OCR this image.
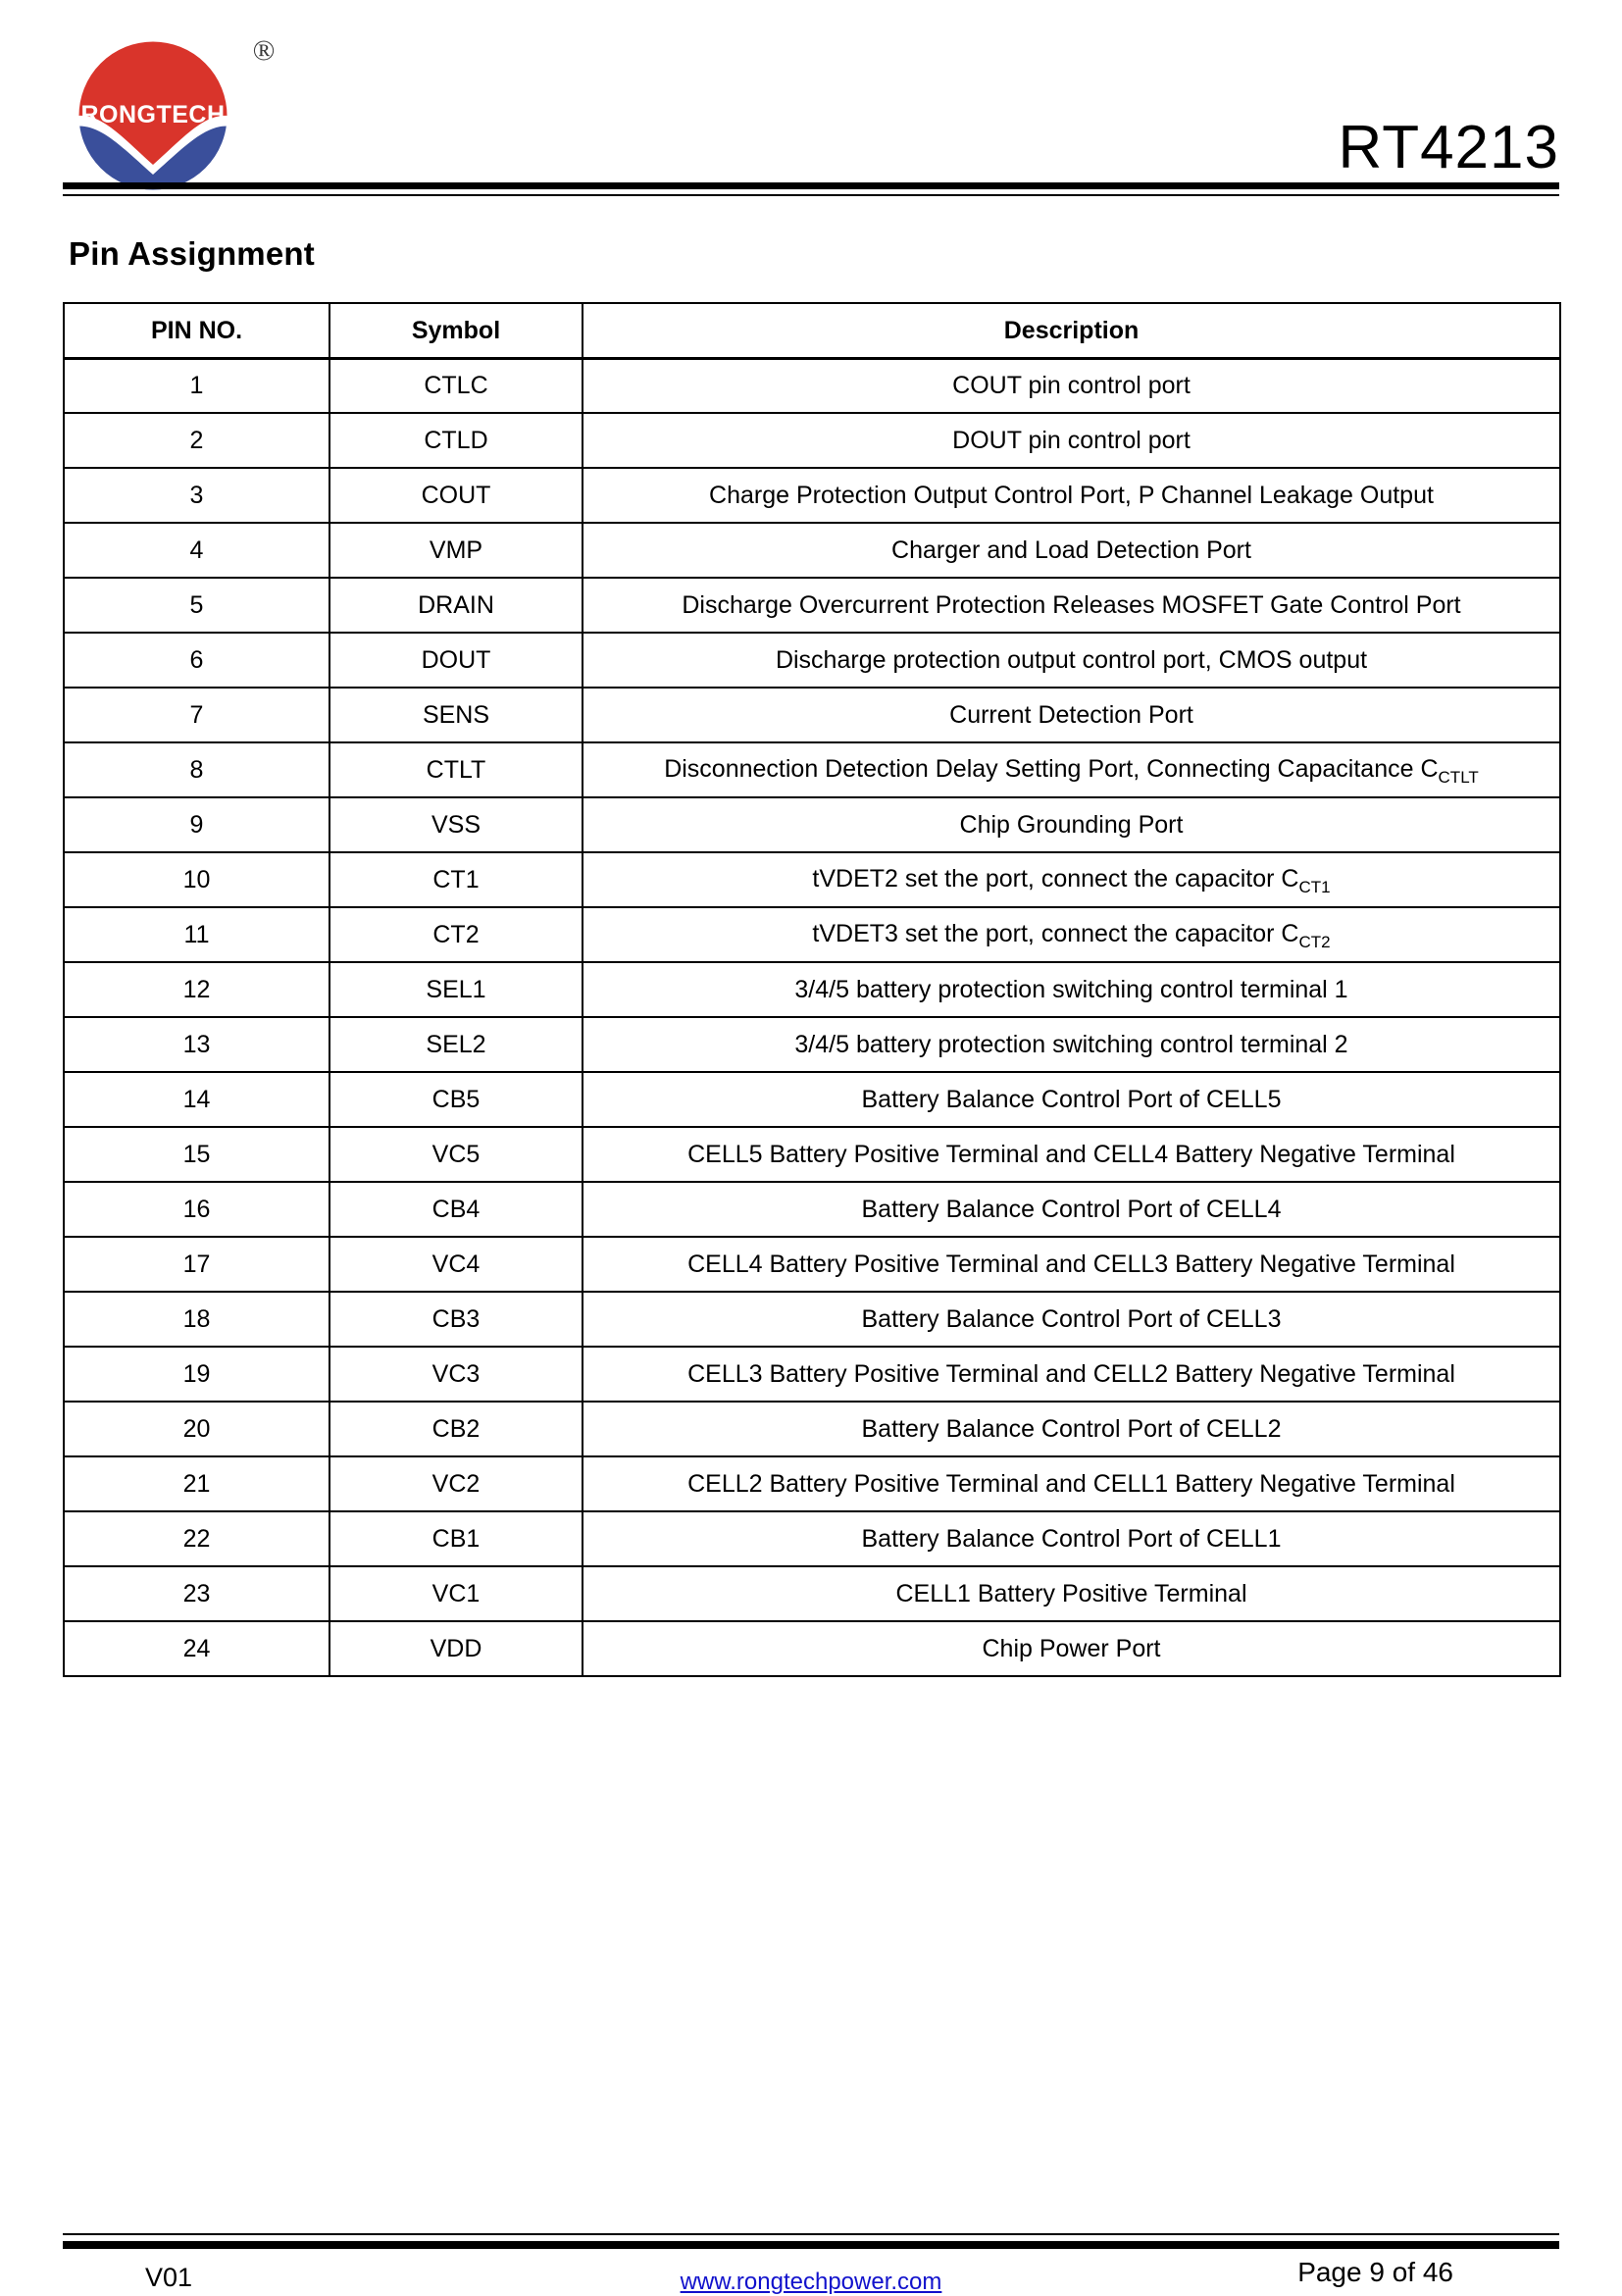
RONGTECH
®
RT4213
Pin Assignment
PIN NO.	Symbol	Description
1	CTLC	COUT pin control port
2	CTLD	DOUT pin control port
3	COUT	Charge Protection Output Control Port, P Channel Leakage Output
4	VMP	Charger and Load Detection Port
5	DRAIN	Discharge Overcurrent Protection Releases MOSFET Gate Control Port
6	DOUT	Discharge protection output control port, CMOS output
7	SENS	Current Detection Port
8	CTLT	Disconnection Detection Delay Setting Port, Connecting Capacitance $C_{CTLT}$
9	VSS	Chip Grounding Port
10	CT1	tVDET2 set the port, connect the capacitor $C_{CT1}$
11	CT2	tVDET3 set the port, connect the capacitor $C_{CT2}$
12	SEL1	3/4/5 battery protection switching control terminal 1
13	SEL2	3/4/5 battery protection switching control terminal 2
14	CB5	Battery Balance Control Port of CELL5
15	VC5	CELL5 Battery Positive Terminal and CELL4 Battery Negative Terminal
16	CB4	Battery Balance Control Port of CELL4
17	VC4	CELL4 Battery Positive Terminal and CELL3 Battery Negative Terminal
18	CB3	Battery Balance Control Port of CELL3
19	VC3	CELL3 Battery Positive Terminal and CELL2 Battery Negative Terminal
20	CB2	Battery Balance Control Port of CELL2
21	VC2	CELL2 Battery Positive Terminal and CELL1 Battery Negative Terminal
22	CB1	Battery Balance Control Port of CELL1
23	VC1	CELL1 Battery Positive Terminal
24	VDD	Chip Power Port
V01	www.rongtechpower.com	Page 9 of 46
